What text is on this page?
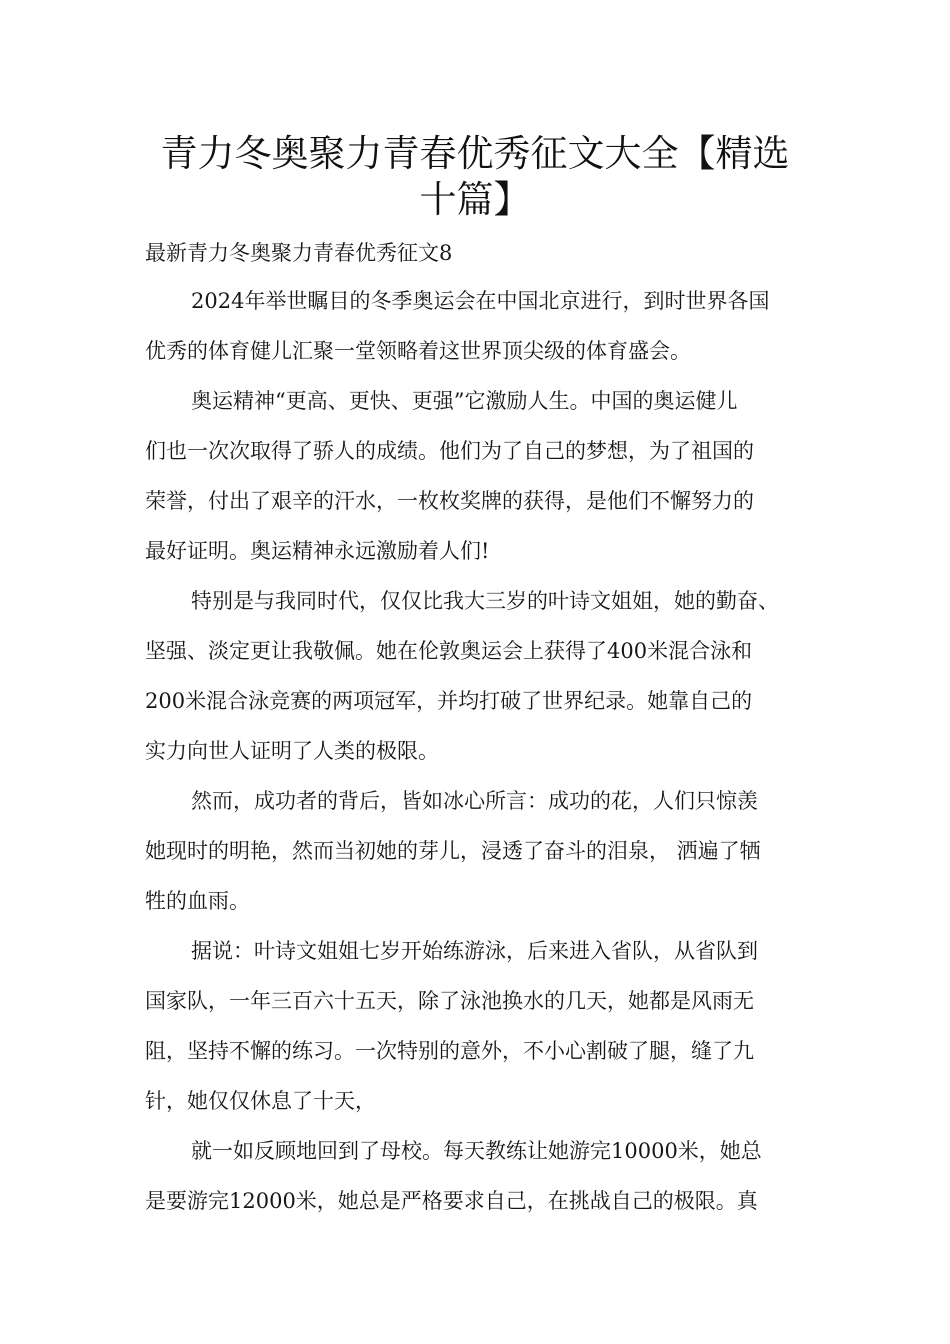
青力冬奥聚力青春优秀征文大全【精选
十篇】
最新青力冬奥聚力青春优秀征文8
2024年举世瞩目的冬季奥运会在中国北京进行，到时世界各国
优秀的体育健儿汇聚一堂领略着这世界顶尖级的体育盛会。
奥运精神“更高、更快、更强”它激励人生。中国的奥运健儿
们也一次次取得了骄人的成绩。他们为了自己的梦想，为了祖国的
荣誉，付出了艰辛的汗水，一枚枚奖牌的获得，是他们不懈努力的
最好证明。奥运精神永远激励着人们!
特别是与我同时代，仅仅比我大三岁的叶诗文姐姐，她的勤奋、
坚强、淡定更让我敬佩。她在伦敦奥运会上获得了400米混合泳和
200米混合泳竞赛的两项冠军，并均打破了世界纪录。她靠自己的
实力向世人证明了人类的极限。
然而，成功者的背后，皆如冰心所言：成功的花，人们只惊羡
她现时的明艳，然而当初她的芽儿，浸透了奋斗的泪泉， 洒遍了牺
牲的血雨。
据说：叶诗文姐姐七岁开始练游泳，后来进入省队，从省队到
国家队，一年三百六十五天，除了泳池换水的几天，她都是风雨无
阻，坚持不懈的练习。一次特别的意外，不小心割破了腿，缝了九
针，她仅仅休息了十天，
就一如反顾地回到了母校。每天教练让她游完10000米，她总
是要游完12000米，她总是严格要求自己，在挑战自己的极限。真
